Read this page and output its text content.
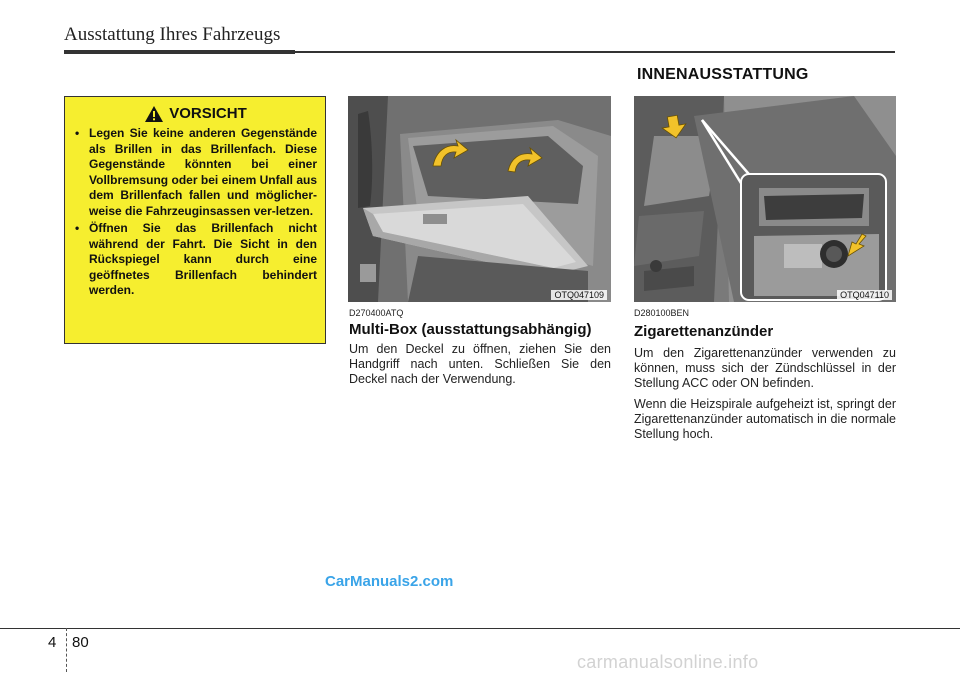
Ausstattung Ihres Fahrzeugs
INNENAUSSTATTUNG
VORSICHT
• Legen Sie keine anderen Gegenstände als Brillen in das Brillenfach. Diese Gegenstände könnten bei einer Vollbremsung oder bei einem Unfall aus dem Brillenfach fallen und möglicher-weise die Fahrzeuginsassen ver-letzen.
• Öffnen Sie das Brillenfach nicht während der Fahrt. Die Sicht in den Rückspiegel kann durch eine geöffnetes Brillenfach behindert werden.	OTQ047109	OTQ047110
D270400ATQ
Multi-Box (ausstattungsabhängig)

Um den Deckel zu öffnen, ziehen Sie den Handgriff nach unten. Schließen Sie den Deckel nach der Verwendung.

D280100BEN
Zigarettenanzünder

Um den Zigarettenanzünder verwenden zu können, muss sich der Zündschlüssel in der Stellung ACC oder ON befinden.

Wenn die Heizspirale aufgeheizt ist, springt der Zigarettenanzünder automatisch in die normale Stellung hoch.

CarManuals2.com
4 80
carmanualsonline.info
